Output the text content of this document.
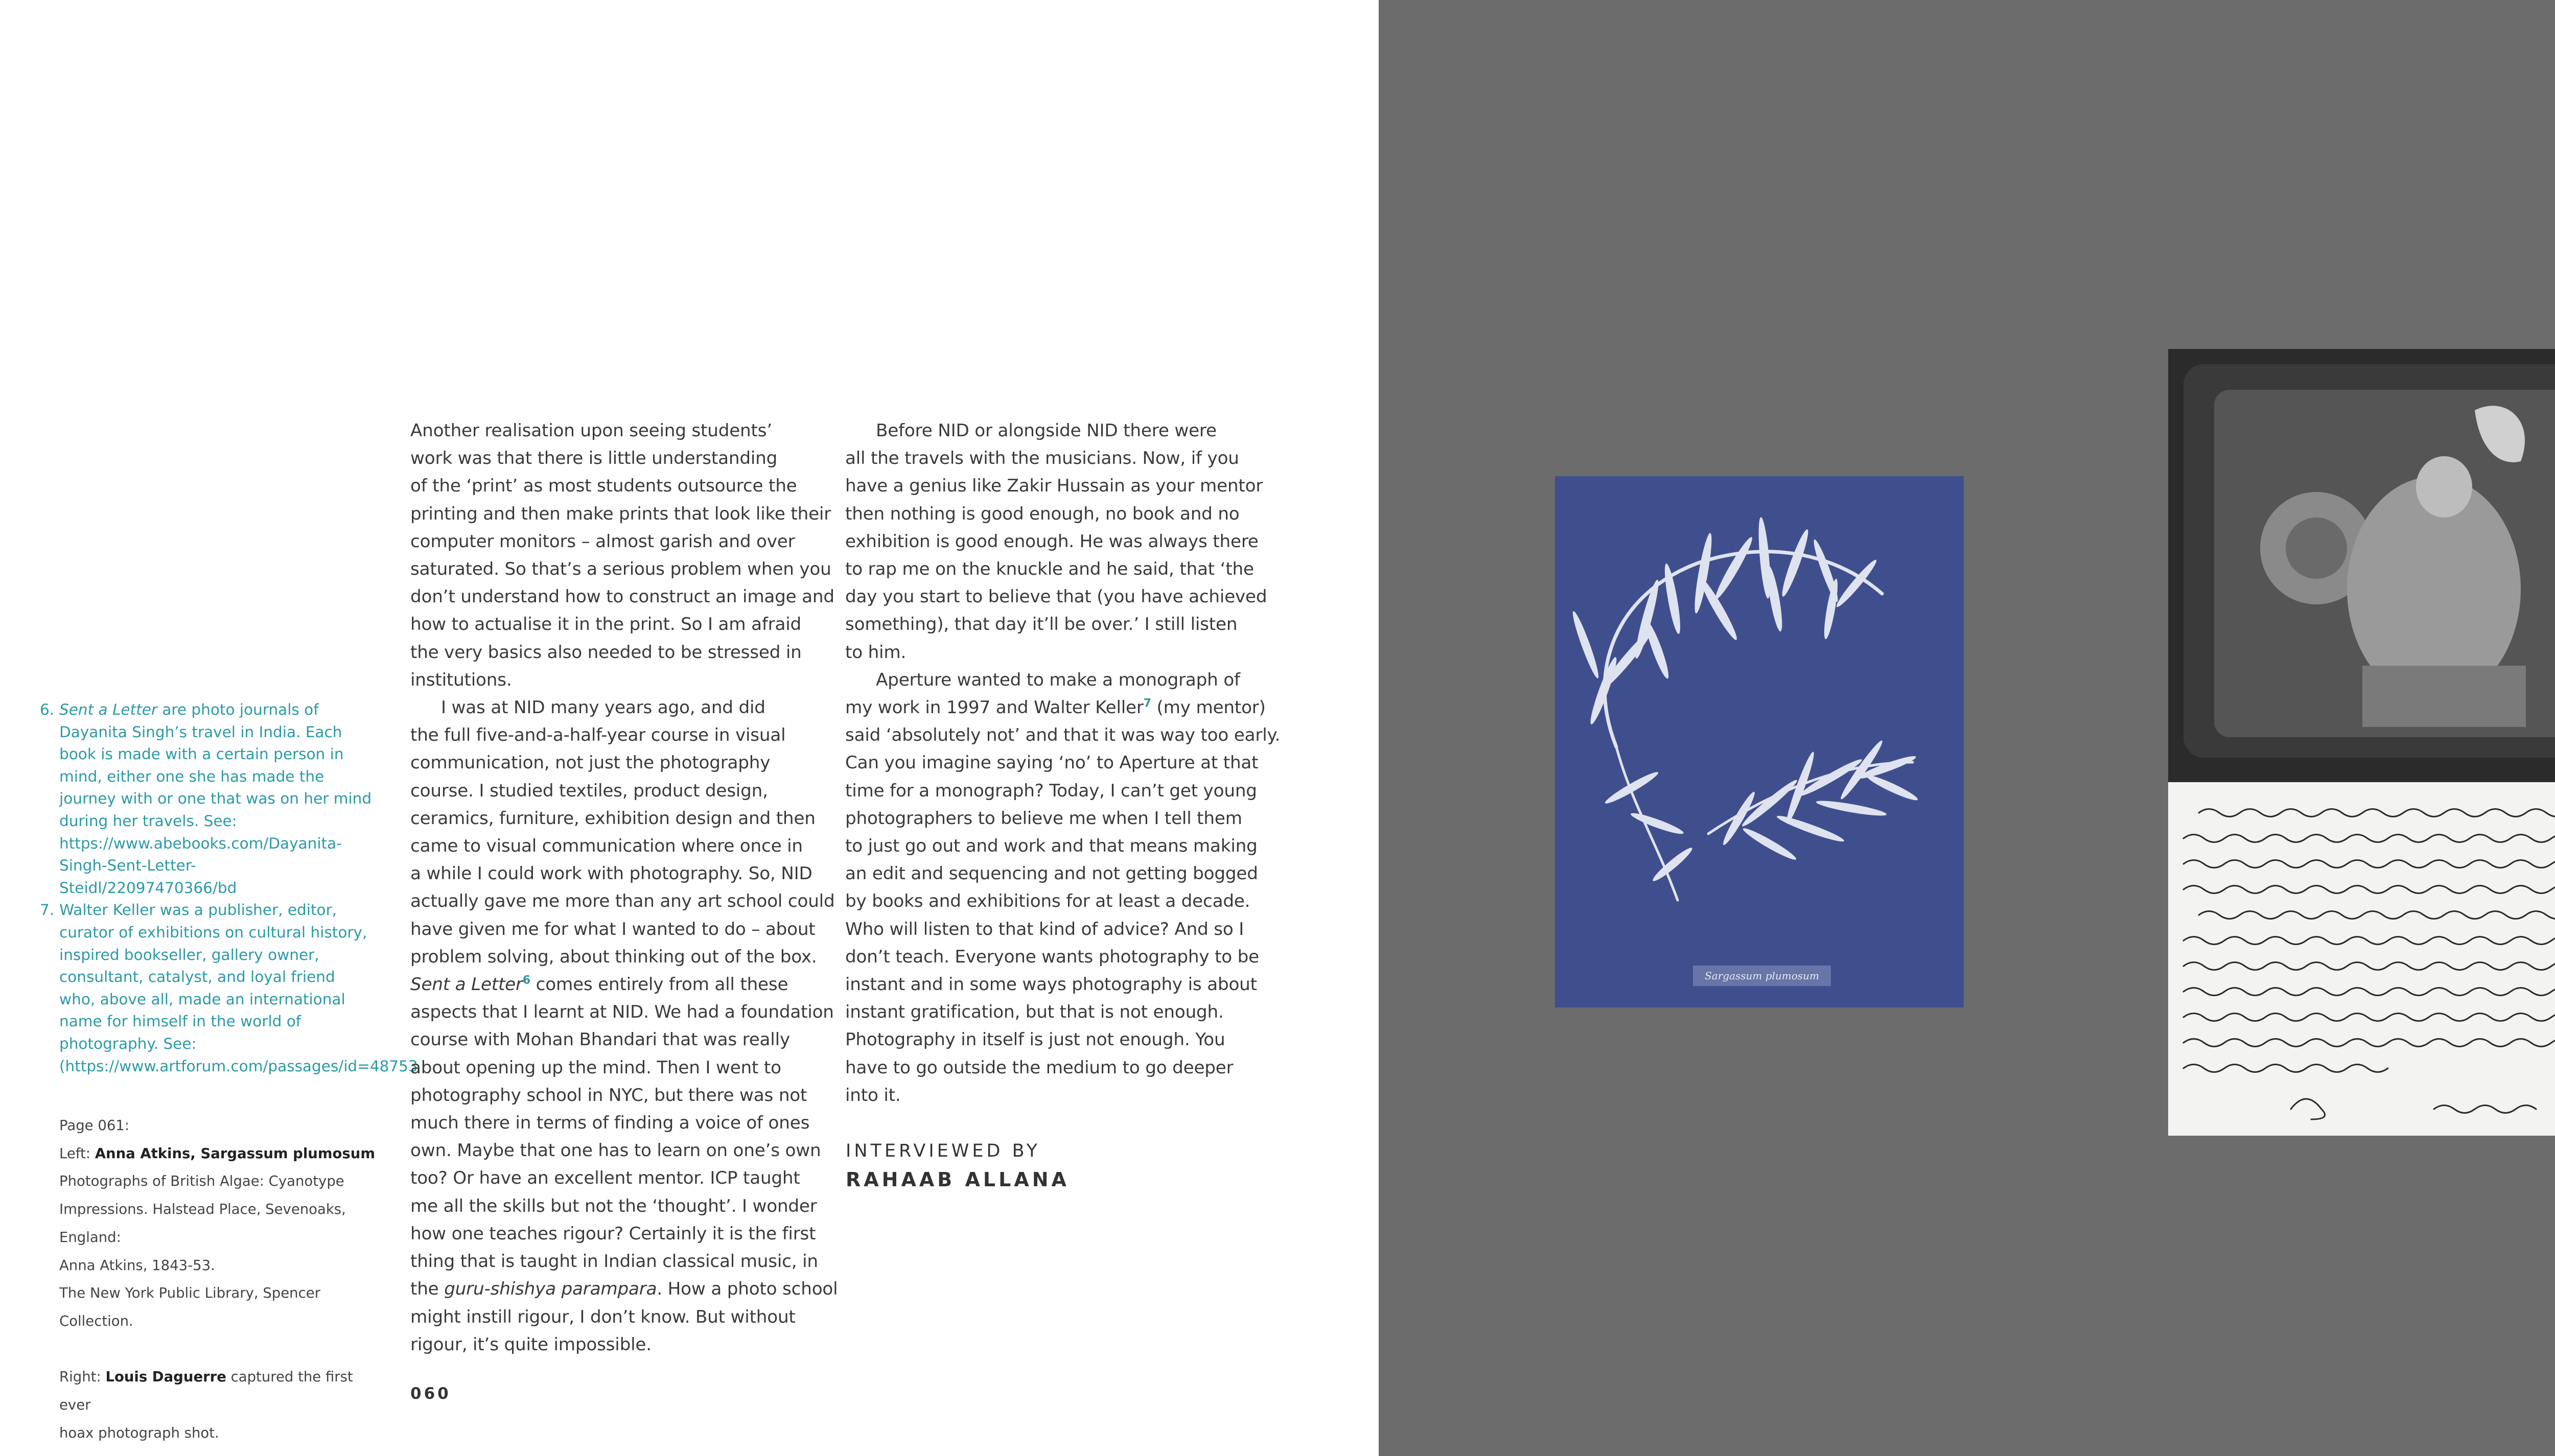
6. Sent a Letter are photo journals of Dayanita Singh’s travel in India. Each book is made with a certain person in mind, either one she has made the journey with or one that was on her mind during her travels. See: https://www.abebooks.com/Dayanita-Singh-Sent-Letter-Steidl/22097470366/bd
7. Walter Keller was a publisher, editor, curator of exhibitions on cultural history, inspired bookseller, gallery owner, consultant, catalyst, and loyal friend who, above all, made an international name for himself in the world of photography. See: (https://www.artforum.com/passages/id=48753
Page 061:
Left: Anna Atkins, Sargassum plumosum
Photographs of British Algae: Cyanotype
Impressions. Halstead Place, Sevenoaks, England:
Anna Atkins, 1843-53.
The New York Public Library, Spencer Collection.
Right: Louis Daguerre captured the first ever
hoax photograph shot.

Another realisation upon seeing students’

work was that there is little understanding

of the ‘print’ as most students outsource the

printing and then make prints that look like their

computer monitors – almost garish and over

saturated. So that’s a serious problem when you

don’t understand how to construct an image and

how to actualise it in the print. So I am afraid

the very basics also needed to be stressed in

institutions.

I was at NID many years ago, and did

the full five-and-a-half-year course in visual

communication, not just the photography

course. I studied textiles, product design,

ceramics, furniture, exhibition design and then

came to visual communication where once in

a while I could work with photography. So, NID

actually gave me more than any art school could

have given me for what I wanted to do – about

problem solving, about thinking out of the box.

Sent a Letter$^6$ comes entirely from all these

aspects that I learnt at NID. We had a foundation

course with Mohan Bhandari that was really

about opening up the mind. Then I went to

photography school in NYC, but there was not

much there in terms of finding a voice of ones

own. Maybe that one has to learn on one’s own

too? Or have an excellent mentor. ICP taught

me all the skills but not the ‘thought’. I wonder

how one teaches rigour? Certainly it is the first

thing that is taught in Indian classical music, in

the guru-shishya parampara. How a photo school

might instill rigour, I don’t know. But without

rigour, it’s quite impossible.

Before NID or alongside NID there were

all the travels with the musicians. Now, if you

have a genius like Zakir Hussain as your mentor

then nothing is good enough, no book and no

exhibition is good enough. He was always there

to rap me on the knuckle and he said, that ‘the

day you start to believe that (you have achieved

something), that day it’ll be over.’ I still listen

to him.

Aperture wanted to make a monograph of

my work in 1997 and Walter Keller$^7$ (my mentor)

said ‘absolutely not’ and that it was way too early.

Can you imagine saying ‘no’ to Aperture at that

time for a monograph? Today, I can’t get young

photographers to believe me when I tell them

to just go out and work and that means making

an edit and sequencing and not getting bogged

by books and exhibitions for at least a decade.

Who will listen to that kind of advice? And so I

don’t teach. Everyone wants photography to be

instant and in some ways photography is about

instant gratification, but that is not enough.

Photography in itself is just not enough. You

have to go outside the medium to go deeper

into it.

INTERVIEWED BY
RAHAAB ALLANA
060
Sargassum plumosum
